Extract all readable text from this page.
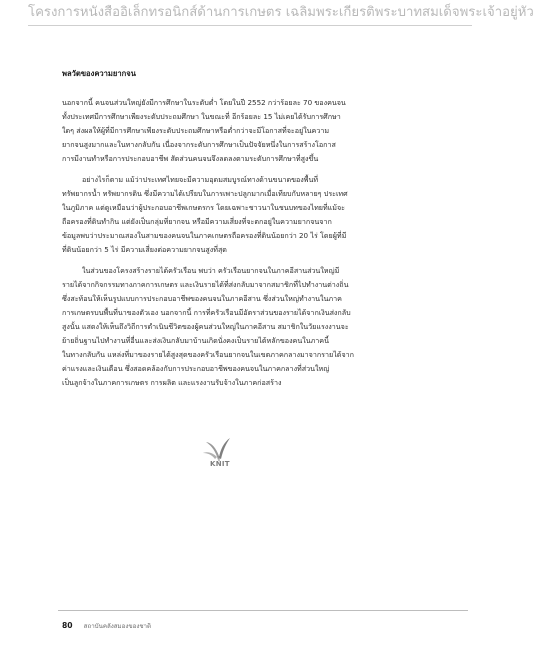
โครงการหนังสืออิเล็กทรอนิกส์ด้านการเกษตร เฉลิมพระเกียรติพระบาทสมเด็จพระเจ้าอยู่หัว
พลวัตของความยากจน
นอกจากนี้ คนจนส่วนใหญ่ยังมีการศึกษาในระดับต่ำ โดยในปี 2552 กว่าร้อยละ 70 ของคนจน
ทั้งประเทศมีการศึกษาเพียงระดับประถมศึกษา ในขณะที่ อีกร้อยละ 15 ไม่เคยได้รับการศึกษา
ใดๆ ส่งผลให้ผู้ที่มีการศึกษาเพียงระดับประถมศึกษาหรือต่ำกว่าจะมีโอกาสที่จะอยู่ในความ
ยากจนสูงมากและในทางกลับกัน เนื่องจากระดับการศึกษาเป็นปัจจัยหนึ่งในการสร้างโอกาส
การมีงานทำหรือการประกอบอาชีพ สัดส่วนคนจนจึงลดลงตามระดับการศึกษาที่สูงขึ้น
อย่างไรก็ตาม แม้ว่าประเทศไทยจะมีความอุดมสมบูรณ์ทางด้านขนาดของพื้นที่
ทรัพยากรน้ำ ทรัพยากรดิน ซึ่งมีความได้เปรียบในการเพาะปลูกมากเมื่อเทียบกับหลายๆ ประเทศ
ในภูมิภาค แต่ดูเหมือนว่าผู้ประกอบอาชีพเกษตรกร โดยเฉพาะชาวนาในชนบทของไทยที่แม้จะ
ถือครองที่ดินทำกิน แต่ยังเป็นกลุ่มที่ยากจน หรือมีความเสี่ยงที่จะตกอยู่ในความยากจนจาก
ข้อมูลพบว่าประมาณสองในสามของคนจนในภาคเกษตรถือครองที่ดินน้อยกว่า 20 ไร่ โดยผู้ที่มี
ที่ดินน้อยกว่า 5 ไร่ มีความเสี่ยงต่อความยากจนสูงที่สุด
ในส่วนของโครงสร้างรายได้ครัวเรือน พบว่า ครัวเรือนยากจนในภาคอีสานส่วนใหญ่มี
รายได้จากกิจกรรมทางภาคการเกษตร และเงินรายได้ที่ส่งกลับมาจากสมาชิกที่ไปทำงานต่างถิ่น
ซึ่งสะท้อนให้เห็นรูปแบบการประกอบอาชีพของคนจนในภาคอีสาน ซึ่งส่วนใหญ่ทำงานในภาค
การเกษตรบนพื้นที่นาของตัวเอง นอกจากนี้ การที่ครัวเรือนมีอัตราส่วนของรายได้จากเงินส่งกลับ
สูงนั้น แสดงให้เห็นถึงวิถีการดำเนินชีวิตของผู้คนส่วนใหญ่ในภาคอีสาน สมาชิกในวัยแรงงานจะ
ย้ายถิ่นฐานไปทำงานที่อื่นและส่งเงินกลับมาบ้านเกิดนั่งคงเป็นรายได้หลักของคนในภาคนี้
ในทางกลับกัน แหล่งที่มาของรายได้สูงสุดของครัวเรือนยากจนในเขตภาคกลางมาจากรายได้จาก
ค่าแรงและเงินเดือน ซึ่งสอดคล้องกับการประกอบอาชีพของคนจนในภาคกลางที่ส่วนใหญ่
เป็นลูกจ้างในภาคการเกษตร การผลิต และแรงงานรับจ้างในภาคก่อสร้าง
KNIT
80 สถาบันคลังสมองของชาติ
